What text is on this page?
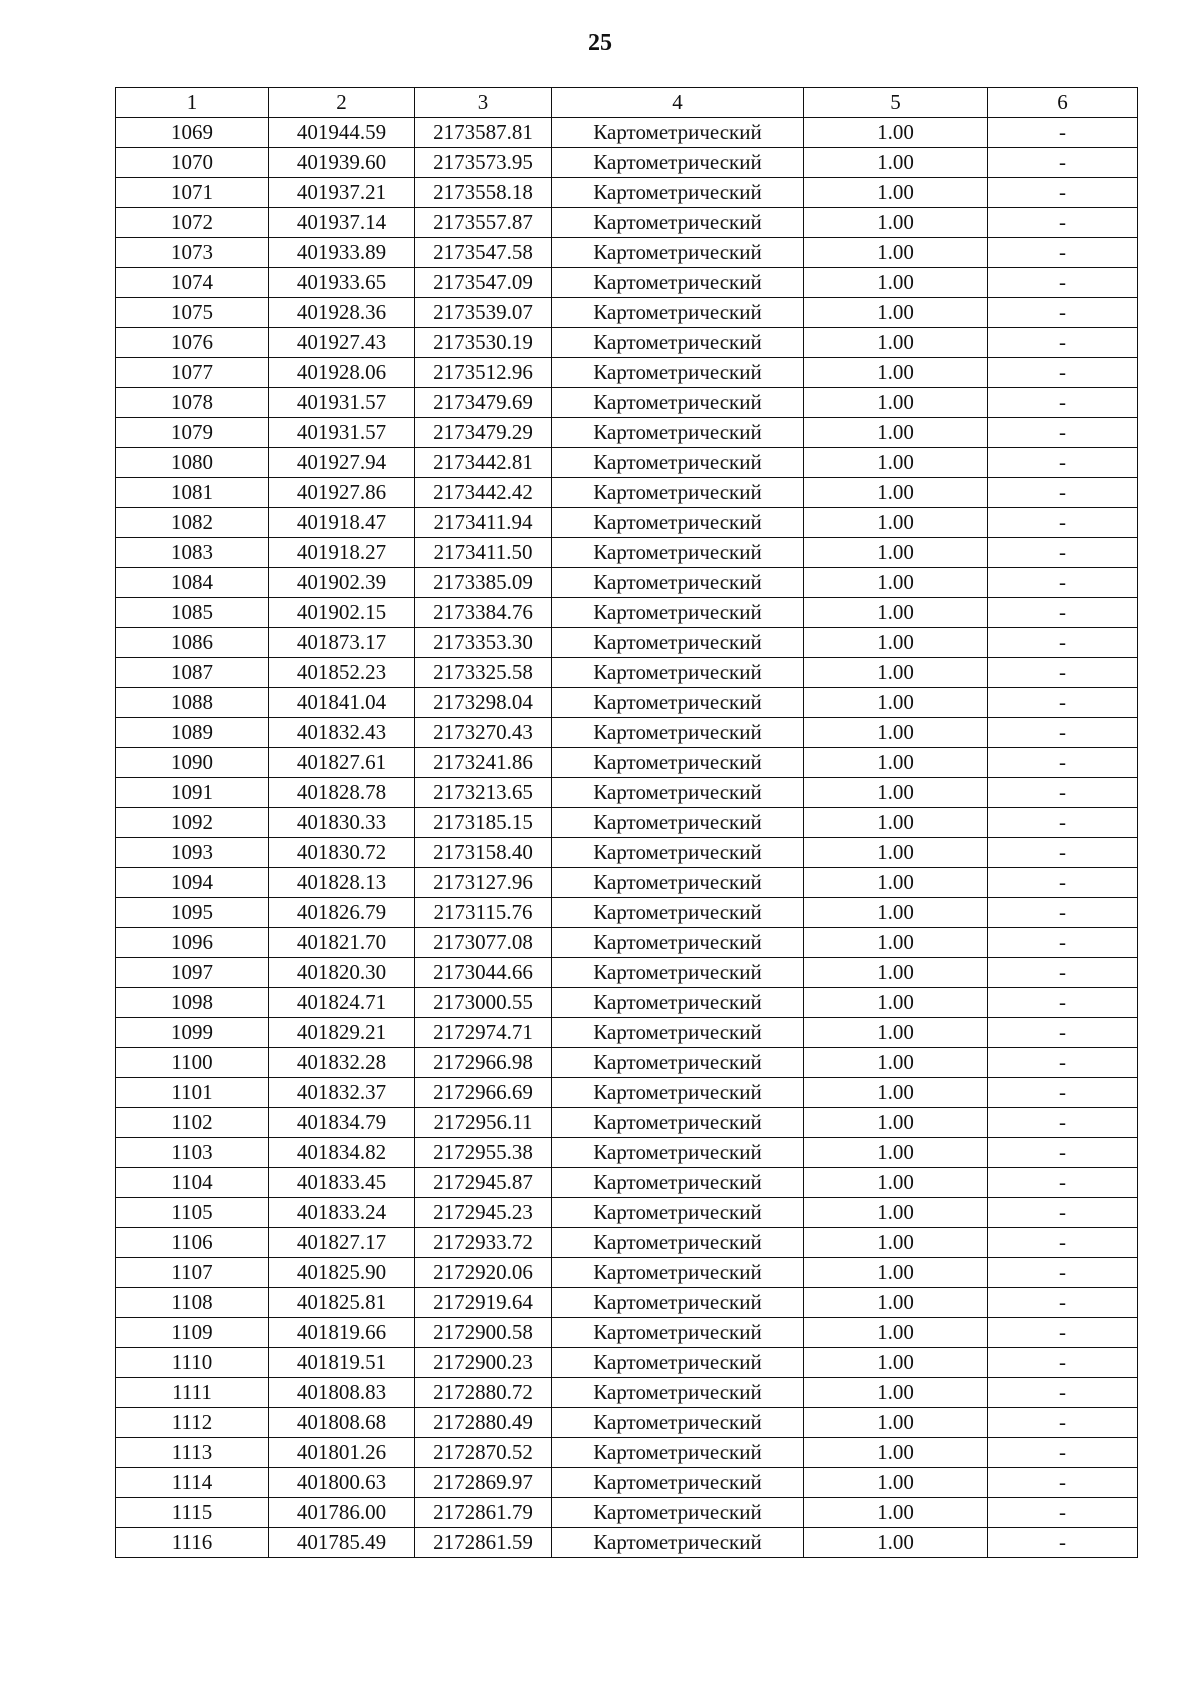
25
1	2	3	4	5	6
1069	401944.59	2173587.81	Картометрический	1.00	-
1070	401939.60	2173573.95	Картометрический	1.00	-
1071	401937.21	2173558.18	Картометрический	1.00	-
1072	401937.14	2173557.87	Картометрический	1.00	-
1073	401933.89	2173547.58	Картометрический	1.00	-
1074	401933.65	2173547.09	Картометрический	1.00	-
1075	401928.36	2173539.07	Картометрический	1.00	-
1076	401927.43	2173530.19	Картометрический	1.00	-
1077	401928.06	2173512.96	Картометрический	1.00	-
1078	401931.57	2173479.69	Картометрический	1.00	-
1079	401931.57	2173479.29	Картометрический	1.00	-
1080	401927.94	2173442.81	Картометрический	1.00	-
1081	401927.86	2173442.42	Картометрический	1.00	-
1082	401918.47	2173411.94	Картометрический	1.00	-
1083	401918.27	2173411.50	Картометрический	1.00	-
1084	401902.39	2173385.09	Картометрический	1.00	-
1085	401902.15	2173384.76	Картометрический	1.00	-
1086	401873.17	2173353.30	Картометрический	1.00	-
1087	401852.23	2173325.58	Картометрический	1.00	-
1088	401841.04	2173298.04	Картометрический	1.00	-
1089	401832.43	2173270.43	Картометрический	1.00	-
1090	401827.61	2173241.86	Картометрический	1.00	-
1091	401828.78	2173213.65	Картометрический	1.00	-
1092	401830.33	2173185.15	Картометрический	1.00	-
1093	401830.72	2173158.40	Картометрический	1.00	-
1094	401828.13	2173127.96	Картометрический	1.00	-
1095	401826.79	2173115.76	Картометрический	1.00	-
1096	401821.70	2173077.08	Картометрический	1.00	-
1097	401820.30	2173044.66	Картометрический	1.00	-
1098	401824.71	2173000.55	Картометрический	1.00	-
1099	401829.21	2172974.71	Картометрический	1.00	-
1100	401832.28	2172966.98	Картометрический	1.00	-
1101	401832.37	2172966.69	Картометрический	1.00	-
1102	401834.79	2172956.11	Картометрический	1.00	-
1103	401834.82	2172955.38	Картометрический	1.00	-
1104	401833.45	2172945.87	Картометрический	1.00	-
1105	401833.24	2172945.23	Картометрический	1.00	-
1106	401827.17	2172933.72	Картометрический	1.00	-
1107	401825.90	2172920.06	Картометрический	1.00	-
1108	401825.81	2172919.64	Картометрический	1.00	-
1109	401819.66	2172900.58	Картометрический	1.00	-
1110	401819.51	2172900.23	Картометрический	1.00	-
1111	401808.83	2172880.72	Картометрический	1.00	-
1112	401808.68	2172880.49	Картометрический	1.00	-
1113	401801.26	2172870.52	Картометрический	1.00	-
1114	401800.63	2172869.97	Картометрический	1.00	-
1115	401786.00	2172861.79	Картометрический	1.00	-
1116	401785.49	2172861.59	Картометрический	1.00	-
